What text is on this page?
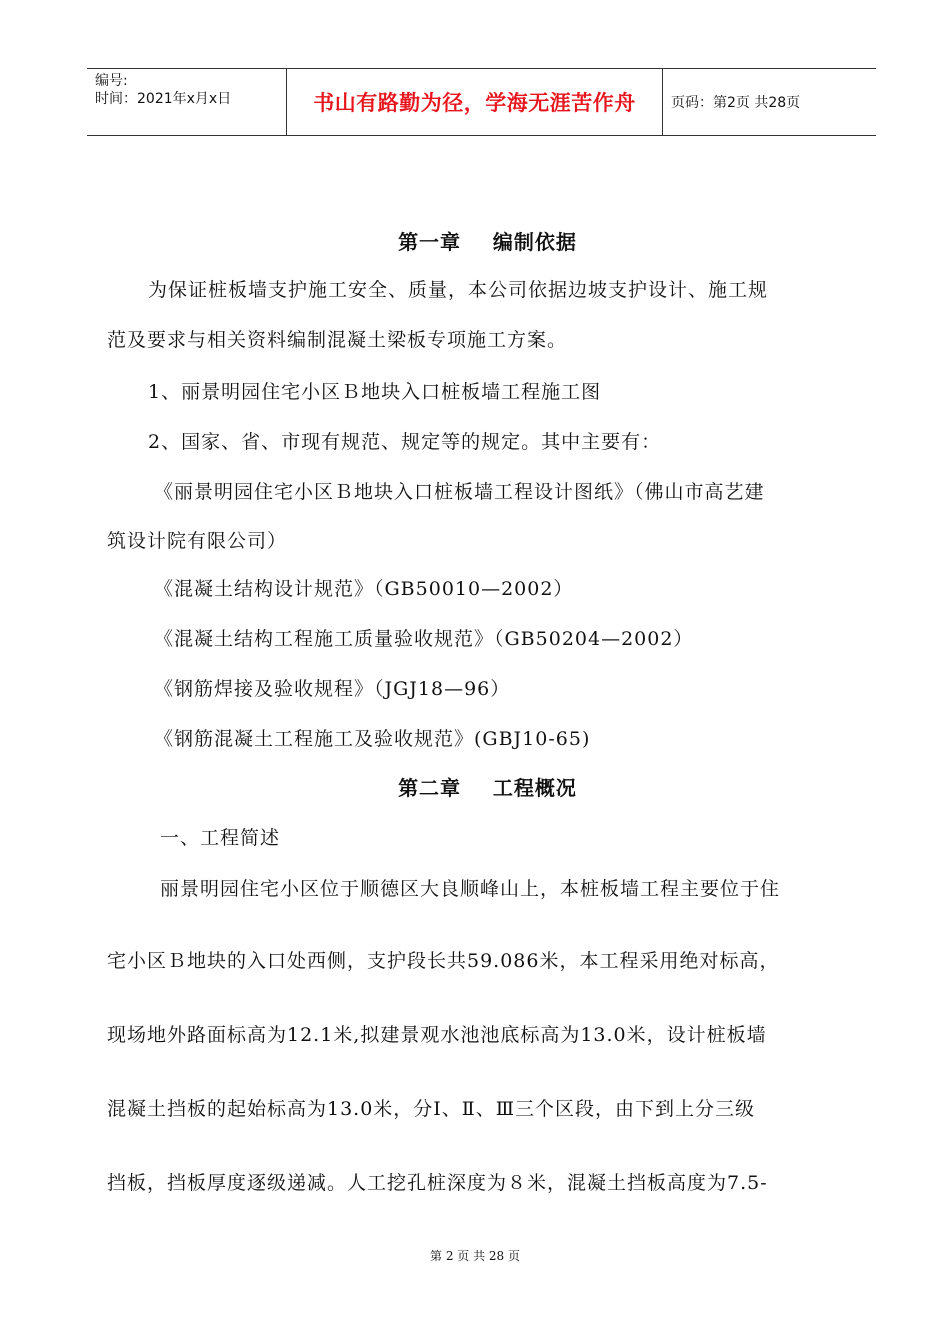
编号:
时间：2021年x月x日	书山有路勤为径，学海无涯苦作舟	页码：第2页 共28页
第一章    编制依据
为保证桩板墙支护施工安全、质量，本公司依据边坡支护设计、施工规
范及要求与相关资料编制混凝土梁板专项施工方案。
1、丽景明园住宅小区Ｂ地块入口桩板墙工程施工图
2、国家、省、市现有规范、规定等的规定。其中主要有：
《丽景明园住宅小区Ｂ地块入口桩板墙工程设计图纸》（佛山市高艺建
筑设计院有限公司）
《混凝土结构设计规范》（GB50010—2002）
《混凝土结构工程施工质量验收规范》（GB50204—2002）
《钢筋焊接及验收规程》（JGJ18—96）
《钢筋混凝土工程施工及验收规范》(GBJ10-65)
第二章    工程概况
一、工程简述
丽景明园住宅小区位于顺德区大良顺峰山上，本桩板墙工程主要位于住
宅小区Ｂ地块的入口处西侧，支护段长共59.086米，本工程采用绝对标高，
现场地外路面标高为12.1米,拟建景观水池池底标高为13.0米，设计桩板墙
混凝土挡板的起始标高为13.0米，分Ⅰ、Ⅱ、Ⅲ三个区段，由下到上分三级
挡板，挡板厚度逐级递减。人工挖孔桩深度为８米，混凝土挡板高度为7.5-
第 2 页 共 28 页
